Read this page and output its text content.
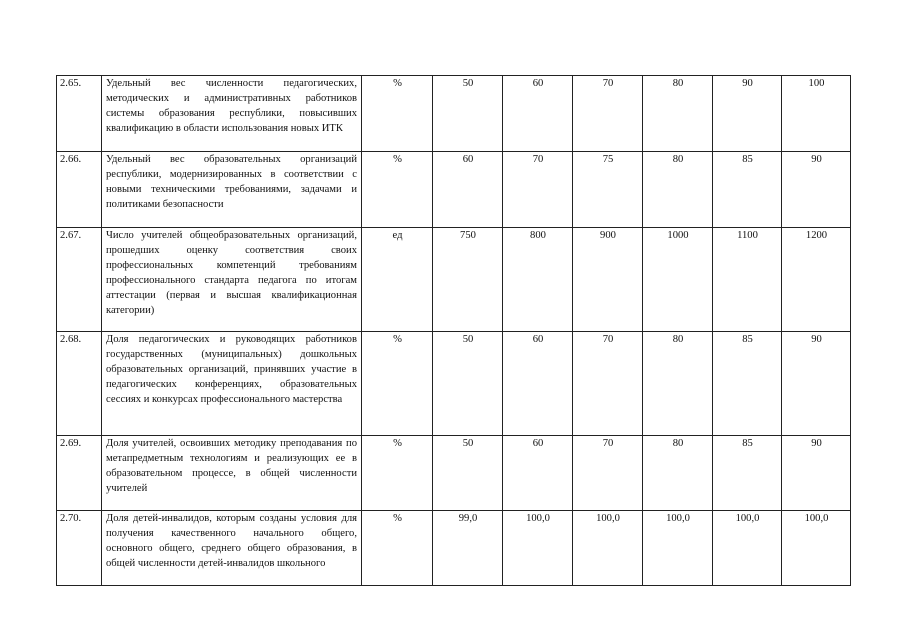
2.65.	Удельный вес численности педагогических, методических и административных работников системы образования республики, повысивших квалификацию в области использования новых ИТК	%	50	60	70	80	90	100
2.66.	Удельный вес образовательных организаций республики, модернизированных в соответствии с новыми техническими требованиями, задачами и политиками безопасности	%	60	70	75	80	85	90
2.67.	Число учителей общеобразовательных организаций, прошедших оценку соответствия своих профессиональных компетенций требованиям профессионального стандарта педагога по итогам аттестации (первая и высшая квалификационная категории)	ед	750	800	900	1000	1100	1200
2.68.	Доля педагогических и руководящих работников государственных (муниципальных) дошкольных образовательных организаций, принявших участие в педагогических конференциях, образовательных сессиях и конкурсах профессионального мастерства	%	50	60	70	80	85	90
2.69.	Доля учителей, освоивших методику преподавания по метапредметным технологиям и реализующих ее в образовательном процессе, в общей численности учителей	%	50	60	70	80	85	90
2.70.	Доля детей-инвалидов, которым созданы условия для получения качественного начального общего, основного общего, среднего общего образования, в общей численности детей-инвалидов школьного	%	99,0	100,0	100,0	100,0	100,0	100,0
